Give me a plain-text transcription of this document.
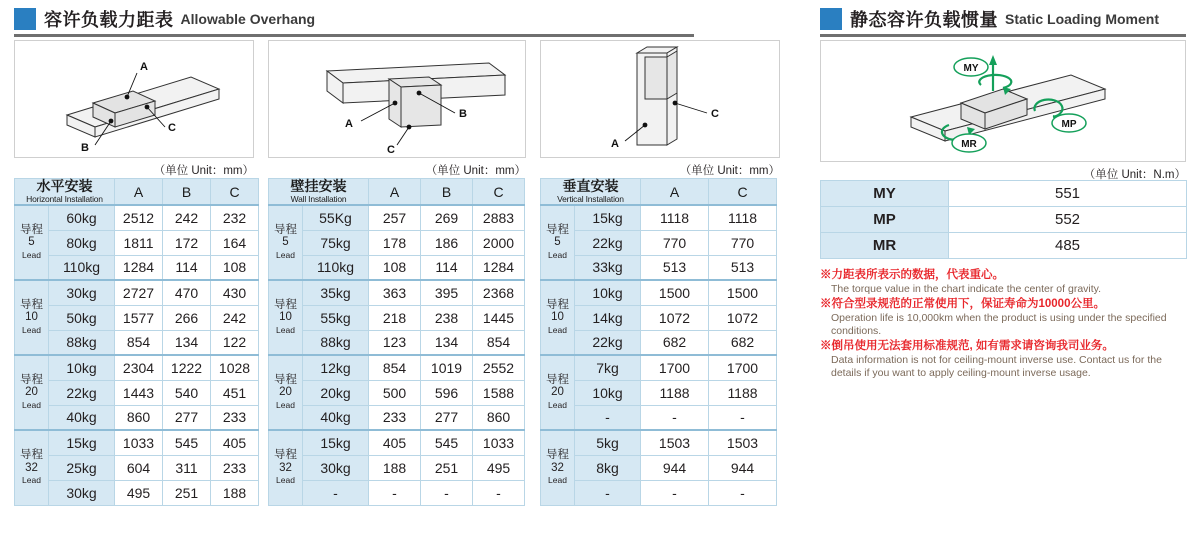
容许负载力距表 Allowable Overhang	静态容许负载惯量 Static Loading Moment
A
B
C	A
B
C	A
C
MY
MP
MR
（单位 Unit：mm）	（单位 Unit：mm）	（单位 Unit：mm）	（单位 Unit：N.m）
水平安装
Horizontal Installation		A	B	C

导程
5
Lead	60kg	2512	242	232
	80kg	1811	172	164
	110kg	1284	114	108

导程
10
Lead	30kg	2727	470	430
	50kg	1577	266	242
	88kg	854	134	122

导程
20
Lead	10kg	2304	1222	1028
	22kg	1443	540	451
	40kg	860	277	233

导程
32
Lead	15kg	1033	545	405
	25kg	604	311	233
	30kg	495	251	188
壁挂安装
Wall Installation		A	B	C

导程
5
Lead	55Kg	257	269	2883
	75kg	178	186	2000
	110kg	108	114	1284

导程
10
Lead	35kg	363	395	2368
	55kg	218	238	1445
	88kg	123	134	854

导程
20
Lead	12kg	854	1019	2552
	20kg	500	596	1588
	40kg	233	277	860

导程
32
Lead	15kg	405	545	1033
	30kg	188	251	495
	-	-	-	-
垂直安装
Vertical Installation		A	C

导程
5
Lead	15kg	1118	1118
	22kg	770	770
	33kg	513	513

导程
10
Lead	10kg	1500	1500
	14kg	1072	1072
	22kg	682	682

导程
20
Lead	7kg	1700	1700
	10kg	1188	1188
	-	-	-

导程
32
Lead	5kg	1503	1503
	8kg	944	944
	-	-	-
MY	551
MP	552
MR	485
※力距表所表示的数据，代表重心。
The torque value in the chart indicate the center of gravity.
※符合型录规范的正常使用下，保证寿命为10000公里。
Operation life is 10,000km when the product is using under the specified conditions.
※倒吊使用无法套用标准规范, 如有需求请咨询我司业务。
Data information is not for ceiling-mount inverse use. Contact us for the details if you want to apply ceiling-mount inverse usage.
